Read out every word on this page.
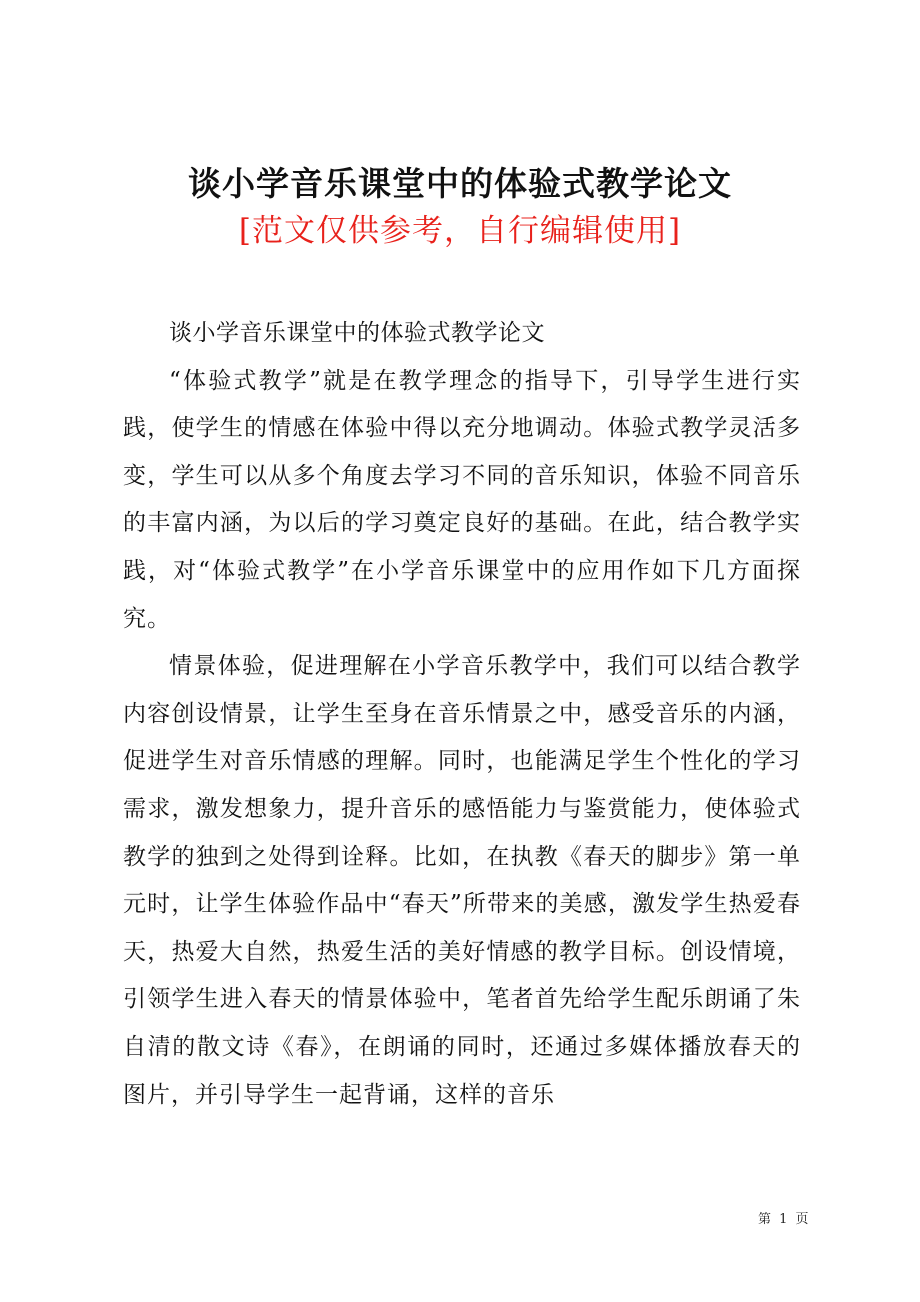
谈小学音乐课堂中的体验式教学论文
[范文仅供参考，自行编辑使用]

谈小学音乐课堂中的体验式教学论文

“体验式教学”就是在教学理念的指导下，引导学生进行实践，使学生的情感在体验中得以充分地调动。体验式教学灵活多变，学生可以从多个角度去学习不同的音乐知识，体验不同音乐的丰富内涵，为以后的学习奠定良好的基础。在此，结合教学实践，对“体验式教学”在小学音乐课堂中的应用作如下几方面探究。

情景体验，促进理解在小学音乐教学中，我们可以结合教学内容创设情景，让学生至身在音乐情景之中，感受音乐的内涵，促进学生对音乐情感的理解。同时，也能满足学生个性化的学习需求，激发想象力，提升音乐的感悟能力与鉴赏能力，使体验式教学的独到之处得到诠释。比如，在执教《春天的脚步》第一单元时，让学生体验作品中“春天”所带来的美感，激发学生热爱春天，热爱大自然，热爱生活的美好情感的教学目标。创设情境，引领学生进入春天的情景体验中，笔者首先给学生配乐朗诵了朱自清的散文诗《春》，在朗诵的同时，还通过多媒体播放春天的图片，并引导学生一起背诵，这样的音乐

第 1 页
